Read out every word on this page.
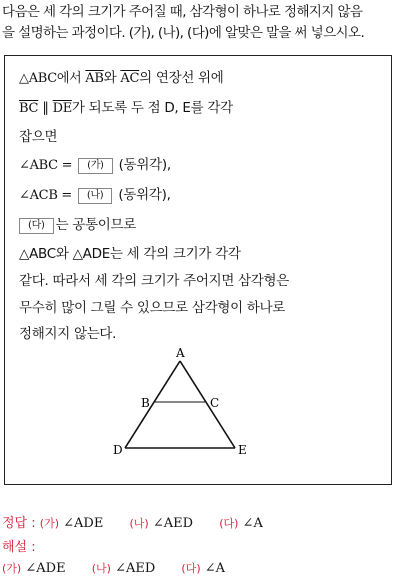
다음은 세 각의 크기가 주어질 때, 삼각형이 하나로 정해지지 않음
을 설명하는 과정이다. (가), (나), (다)에 알맞은 말을 써 넣으시오.
△ABC에서 $\overline{AB}$와 $\overline{AC}$의 연장선 위에
$\overline{BC}$ ∥ $\overline{DE}$가 되도록 두 점 D, E를 각각
잡으면
∠ABC = (가) (동위각),
∠ACB = (나) (동위각),
(다) 는 공통이므로
△ABC와 △ADE는 세 각의 크기가 각각
같다. 따라서 세 각의 크기가 주어지면 삼각형은
무수히 많이 그릴 수 있으므로 삼각형이 하나로
정해지지 않는다.
A
B	C
D	E
정답 : (가) ∠ADE (나) ∠AED (다) ∠A
해설 :
(가) ∠ADE (나) ∠AED (다) ∠A
